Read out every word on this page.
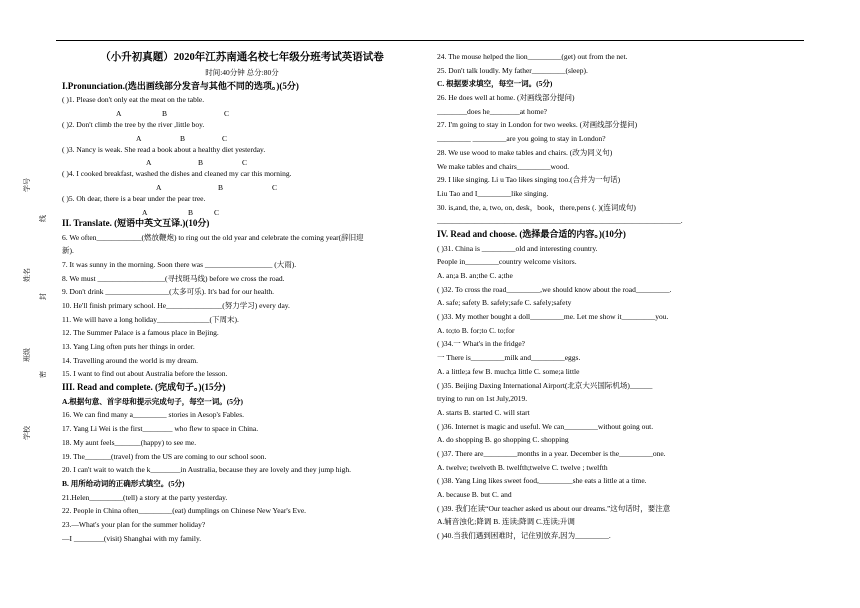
学号
线
姓名
封
班级
密
学校
（小升初真题）2020年江苏南通名校七年级分班考试英语试卷
时间:40分钟 总分:80分
I.Pronunciation.(选出画线部分发音与其他不同的选项。)(5分)
( )1. Please don't only eat the meat on the table.
A	B	C
( )2. Don't climb the tree by the river ,little boy.
A	B	C
( )3. Nancy is weak. She read a book about a healthy diet yesterday.
A	B	C
( )4. I cooked breakfast, washed the dishes and cleaned my car this morning.
A	B	C
( )5. Oh dear, there is a bear under the pear tree.
A	B	C
II. Translate. (短语中英文互译.)(10分)
6. We often____________(燃放鞭炮) to ring out the old year and celebrate the coming year(辞旧迎
新).
7. It was sunny in the morning. Soon there was __________________ (大雨).
8. We must __________________(寻找斑马线) before we cross the road.
9. Don't drink _________________(太多可乐). It's bad for our health.
10. He'll finish primary school. He_______________(努力学习) every day.
11. We will have a long holiday______________(下周末).
12. The Summer Palace is a famous place in Bejing.
13. Yang Ling often puts her things in order.
14. Travelling around the world is my dream.
15. I want to find out about Australia before the lesson.
III. Read and complete. (完成句子。)(15分)
A.根据句意、首字母和提示完成句子，每空一词。(5分)
16. We can find many a_________ stories in Aesop's Fables.
17. Yang Li Wei is the first________ who flew to space in China.
18. My aunt feels_______(happy) to see me.
19. The_______(travel) from the US are coming to our school soon.
20. I can't wait to watch the k________in Australia, because they are lovely and they jump high.
B. 用所给动词的正确形式填空。(5分)
21.Helen_________(tell) a story at the party yesterday.
22. People in China often_________(eat) dumplings on Chinese New Year's Eve.
23.—What's your plan for the summer holiday?
—I ________(visit) Shanghai with my family.
24. The mouse helped the lion_________(get) out from the net.
25. Don't talk loudly. My father_________(sleep).
C. 根据要求填空，每空一词。(5分)
26. He does well at home. (对画线部分提问)
________does he________at home?
27. I'm going to stay in London for two weeks. (对画线部分提问)
_________ _________are you going to stay in London?
28. We use wood to make tables and chairs. (改为同义句)
We make tables and chairs_________wood.
29. I like singing. Li u Tao likes singing too.(合并为一句话)
Liu Tao and I_________like singing.
30. is,and, the, a, two, on, desk，book，there,pens (. )(连词成句)
_________________________________________________________________.
IV. Read and choose. (选择最合适的内容。)(10分)
( )31. China is _________old and interesting country.
People in_________country welcome visitors.
A. an;a B. an;the C. a;the
( )32. To cross the road_________,we should know about the road_________.
A. safe; safety B. safely;safe C. safely;safety
( )33. My mother bought a doll_________me. Let me show it_________you.
A. to;to B. for;to C. to;for
( )34.一 What's in the fridge?
一 There is_________milk and_________eggs.
A. a little;a few B. much;a little C. some;a little
( )35. Beijing Daxing International Airport(北京大兴国际机场)______
trying to run on 1st July,2019.
A. starts B. started C. will start
( )36. Internet is magic and useful. We can_________without going out.
A. do shopping B. go shopping C. shopping
( )37. There are_________months in a year. December is the_________one.
A. twelve; twelveth B. twelfth;twelve C. twelve ; twelfth
( )38. Yang Ling likes sweet food,_________she eats a little at a time.
A. because B. but C. and
( )39. 我们在读“Our teacher asked us about our dreams.”这句话时，要注意
A.辅音浊化;降调 B. 连读;降调 C.连读;升调
( )40.当我们遇到困难时，记住别放弃,因为_________.
